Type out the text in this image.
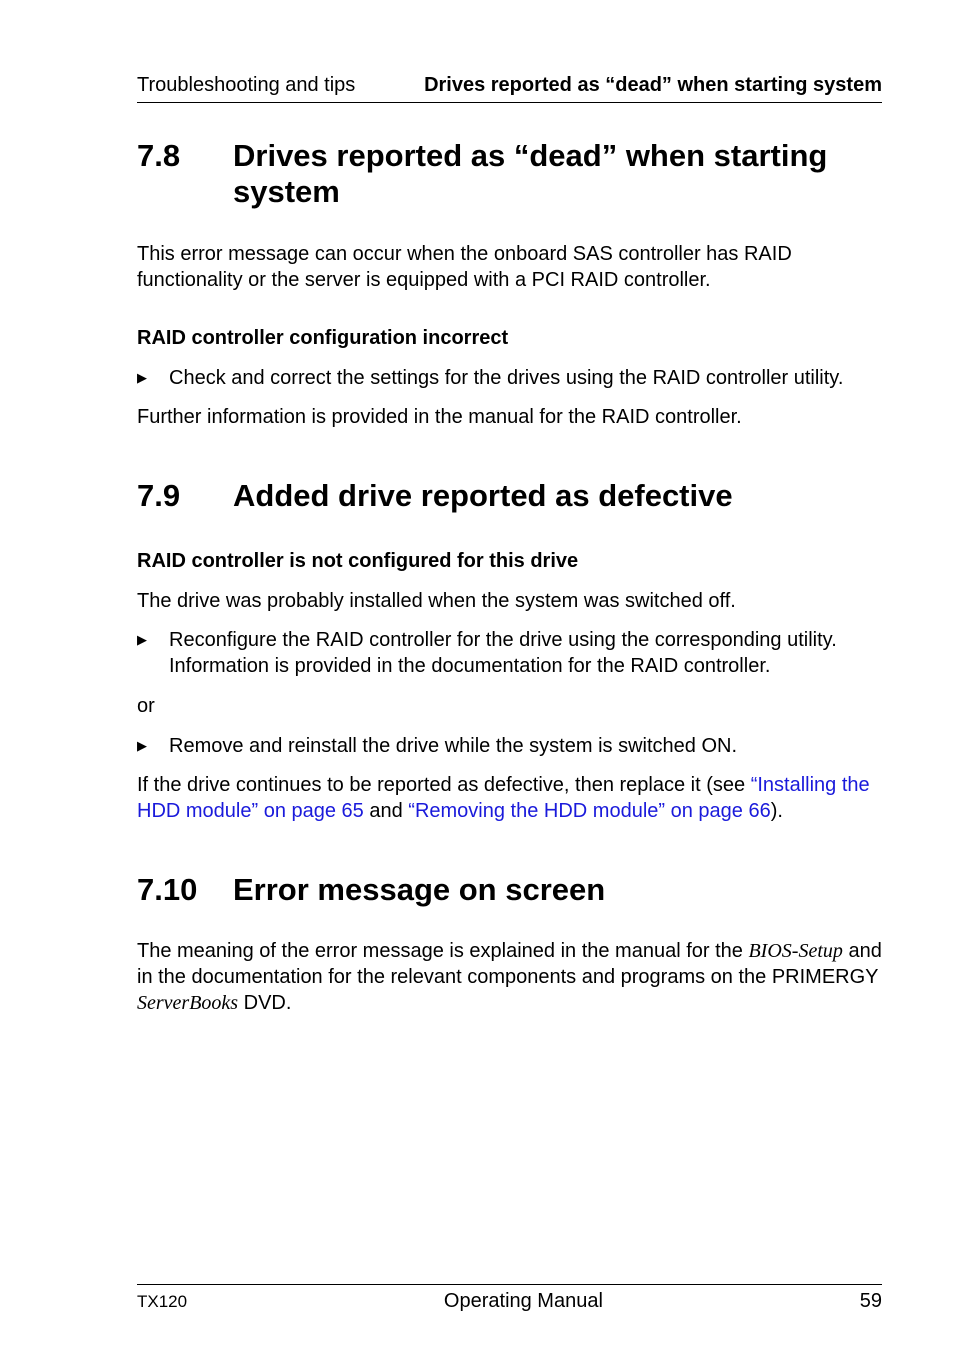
Troubleshooting and tips	Drives reported as “dead” when starting system
7.8	Drives reported as “dead” when starting system

This error message can occur when the onboard SAS controller has RAID functionality or the server is equipped with a PCI RAID controller.

RAID controller configuration incorrect
▶	Check and correct the settings for the drives using the RAID controller utility.

Further information is provided in the manual for the RAID controller.

7.9	Added drive reported as defective
RAID controller is not configured for this drive

The drive was probably installed when the system was switched off.

▶	Reconfigure the RAID controller for the drive using the corresponding utility. Information is provided in the documentation for the RAID controller.

or

▶	Remove and reinstall the drive while the system is switched ON.

If the drive continues to be reported as defective, then replace it (see “Installing the HDD module” on page 65 and “Removing the HDD module” on page 66).

7.10	Error message on screen

The meaning of the error message is explained in the manual for the BIOS-Setup and in the documentation for the relevant components and programs on the PRIMERGY ServerBooks DVD.

TX120	Operating Manual	59
